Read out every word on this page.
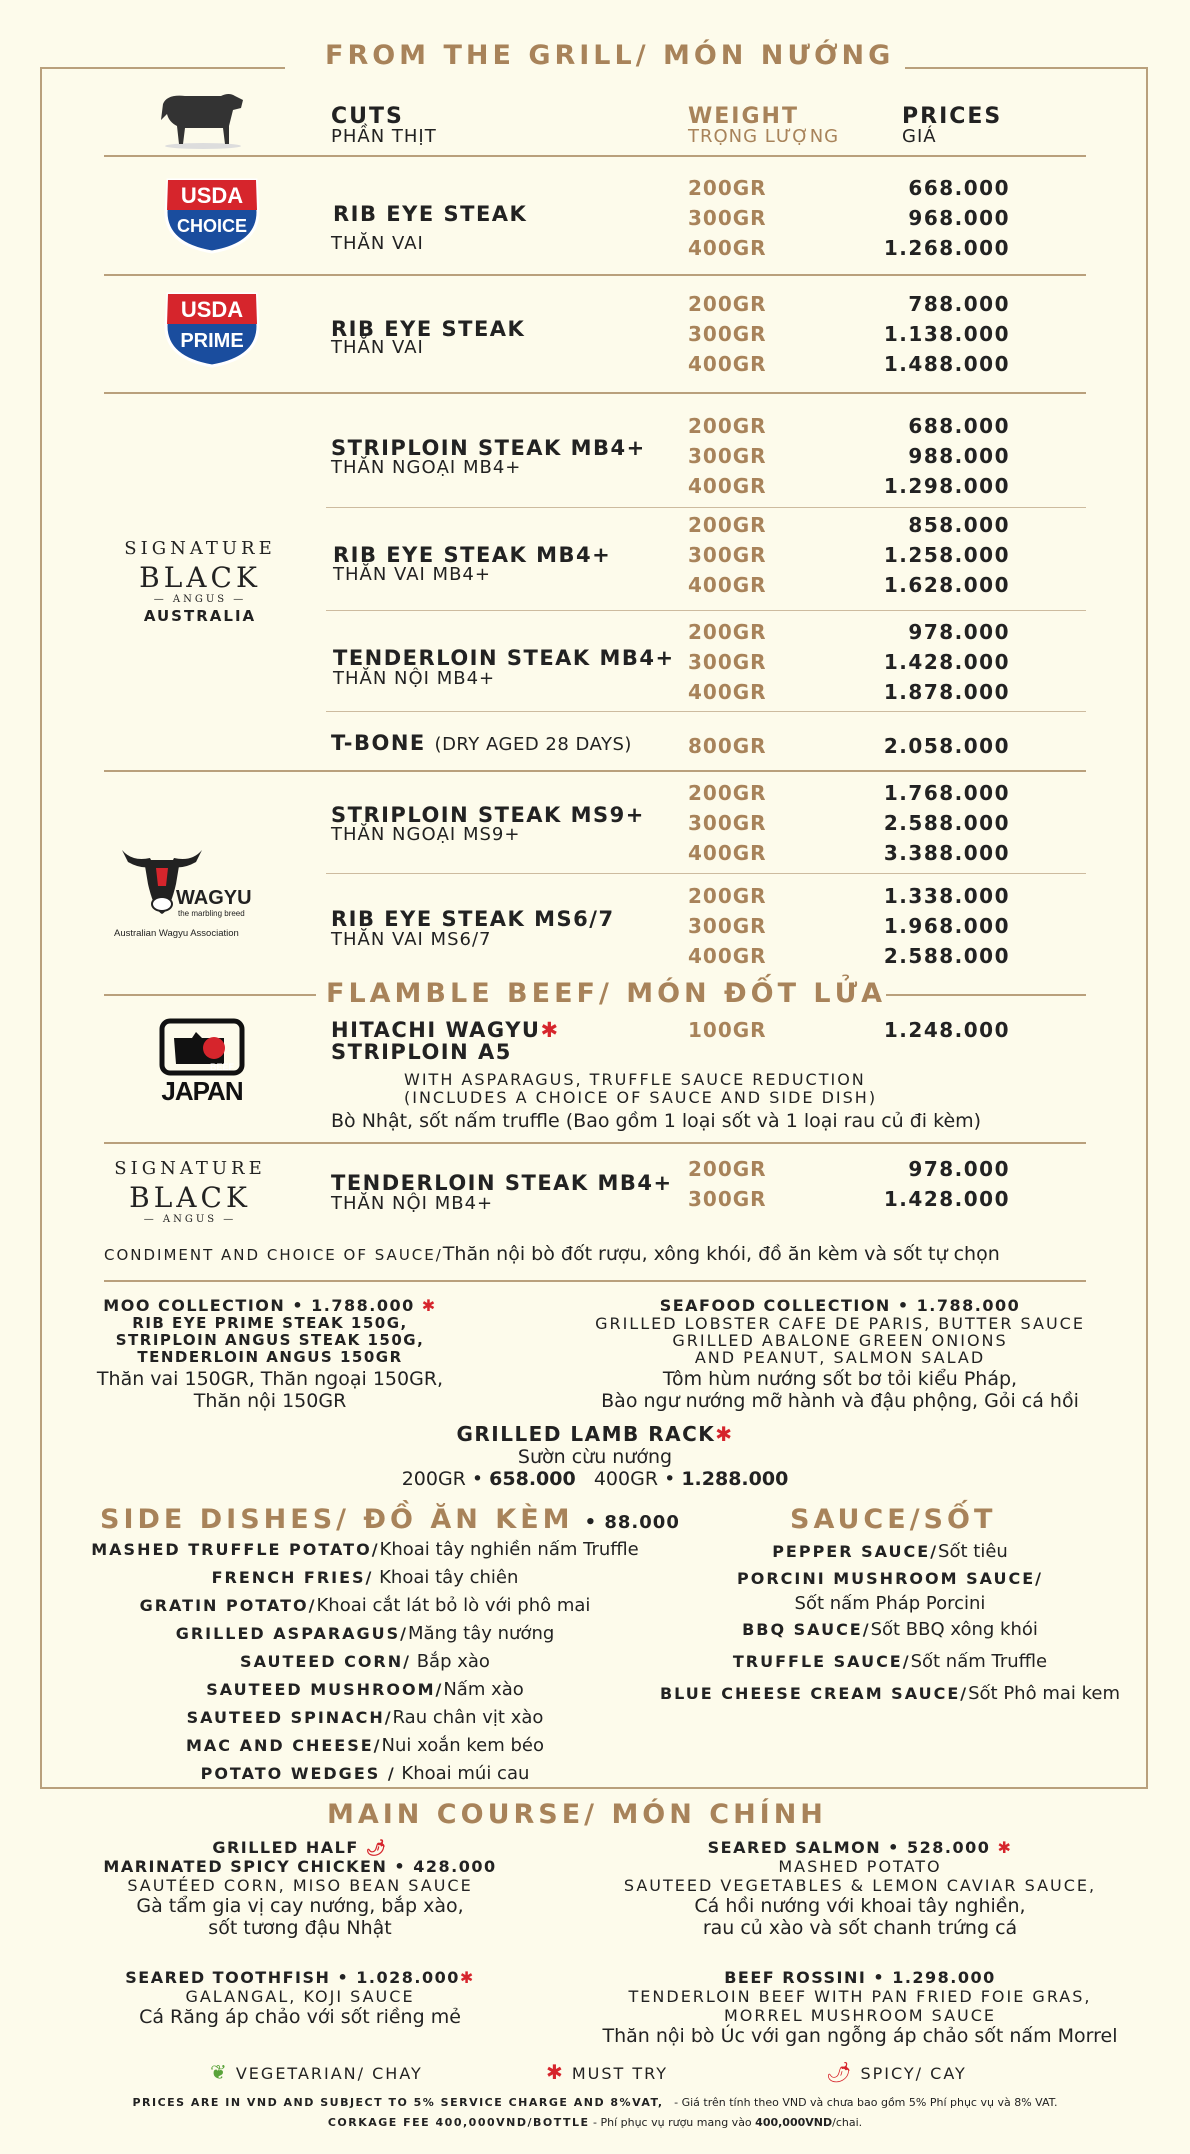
FROM THE GRILL/ MÓN NƯỚNG
CUTS
PHẦN THỊT
WEIGHT
TRỌNG LƯỢNG
PRICES
GIÁ
USDA
CHOICE	RIB EYE STEAK
THĂN VAI
200GR	668.000
300GR	968.000
400GR	1.268.000
USDA
PRIME	RIB EYE STEAK
THĂN VAI
200GR	788.000
300GR	1.138.000
400GR	1.488.000
SIGNATURE
BLACK
— ANGUS —
AUSTRALIA
STRIPLOIN STEAK MB4+
THĂN NGOẠI MB4+
200GR	688.000
300GR	988.000
400GR	1.298.000
RIB EYE STEAK MB4+
THĂN VAI MB4+
200GR	858.000
300GR	1.258.000
400GR	1.628.000
TENDERLOIN STEAK MB4+
THĂN NỘI MB4+
200GR	978.000
300GR	1.428.000
400GR	1.878.000
T-BONE (DRY AGED 28 DAYS)	800GR	2.058.000
WAGYU
the marbling breed
Australian Wagyu Association
STRIPLOIN STEAK MS9+
THĂN NGOẠI MS9+
200GR	1.768.000
300GR	2.588.000
400GR	3.388.000
RIB EYE STEAK MS6/7
THĂN VAI MS6/7
200GR	1.338.000
300GR	1.968.000
400GR	2.588.000
FLAMBLE BEEF/ MÓN ĐỐT LỬA
BEEF
JAPAN
HITACHI WAGYU✱
STRIPLOIN A5
100GR	1.248.000
WITH ASPARAGUS, TRUFFLE SAUCE REDUCTION
(INCLUDES A CHOICE OF SAUCE AND SIDE DISH)
Bò Nhật, sốt nấm truffle (Bao gồm 1 loại sốt và 1 loại rau củ đi kèm)
SIGNATURE
BLACK
— ANGUS —
TENDERLOIN STEAK MB4+
THĂN NỘI MB4+
200GR	978.000
300GR	1.428.000
CONDIMENT AND CHOICE OF SAUCE/Thăn nội bò đốt rượu, xông khói, đồ ăn kèm và sốt tự chọn
MOO COLLECTION • 1.788.000 ✱
RIB EYE PRIME STEAK 150G,
STRIPLOIN ANGUS STEAK 150G,
TENDERLOIN ANGUS 150GR
Thăn vai 150GR, Thăn ngoại 150GR,
Thăn nội 150GR
SEAFOOD COLLECTION • 1.788.000
GRILLED LOBSTER CAFE DE PARIS, BUTTER SAUCE
GRILLED ABALONE GREEN ONIONS
AND PEANUT, SALMON SALAD
Tôm hùm nướng sốt bơ tỏi kiểu Pháp,
Bào ngư nướng mỡ hành và đậu phộng, Gỏi cá hồi
GRILLED LAMB RACK✱
Sườn cừu nướng
200GR • 658.000 400GR • 1.288.000
SIDE DISHES/ ĐỒ ĂN KÈM • 88.000
MASHED TRUFFLE POTATO/Khoai tây nghiền nấm Truffle
FRENCH FRIES/ Khoai tây chiên
GRATIN POTATO/Khoai cắt lát bỏ lò với phô mai
GRILLED ASPARAGUS/Măng tây nướng
SAUTEED CORN/ Bắp xào
SAUTEED MUSHROOM/Nấm xào
SAUTEED SPINACH/Rau chân vịt xào
MAC AND CHEESE/Nui xoắn kem béo
POTATO WEDGES / Khoai múi cau
SAUCE/SỐT
PEPPER SAUCE/Sốt tiêu
PORCINI MUSHROOM SAUCE/
Sốt nấm Pháp Porcini
BBQ SAUCE/Sốt BBQ xông khói
TRUFFLE SAUCE/Sốt nấm Truffle
BLUE CHEESE CREAM SAUCE/Sốt Phô mai kem
MAIN COURSE/ MÓN CHÍNH
GRILLED HALF 🌶
MARINATED SPICY CHICKEN • 428.000
SAUTÉED CORN, MISO BEAN SAUCE
Gà tẩm gia vị cay nướng, bắp xào,
sốt tương đậu Nhật
SEARED SALMON • 528.000 ✱
MASHED POTATO
SAUTEED VEGETABLES & LEMON CAVIAR SAUCE,
Cá hồi nướng với khoai tây nghiền,
rau củ xào và sốt chanh trứng cá
SEARED TOOTHFISH • 1.028.000✱
GALANGAL, KOJI SAUCE
Cá Răng áp chảo với sốt riềng mẻ
BEEF ROSSINI • 1.298.000
TENDERLOIN BEEF WITH PAN FRIED FOIE GRAS,
MORREL MUSHROOM SAUCE
Thăn nội bò Úc với gan ngỗng áp chảo sốt nấm Morrel
❦ VEGETARIAN/ CHAY	✱ MUST TRY	🌶 SPICY/ CAY
PRICES ARE IN VND AND SUBJECT TO 5% SERVICE CHARGE AND 8%VAT, - Giá trên tính theo VND và chưa bao gồm 5% Phí phục vụ và 8% VAT.
CORKAGE FEE 400,000VND/BOTTLE - Phí phục vụ rượu mang vào 400,000VND/chai.
